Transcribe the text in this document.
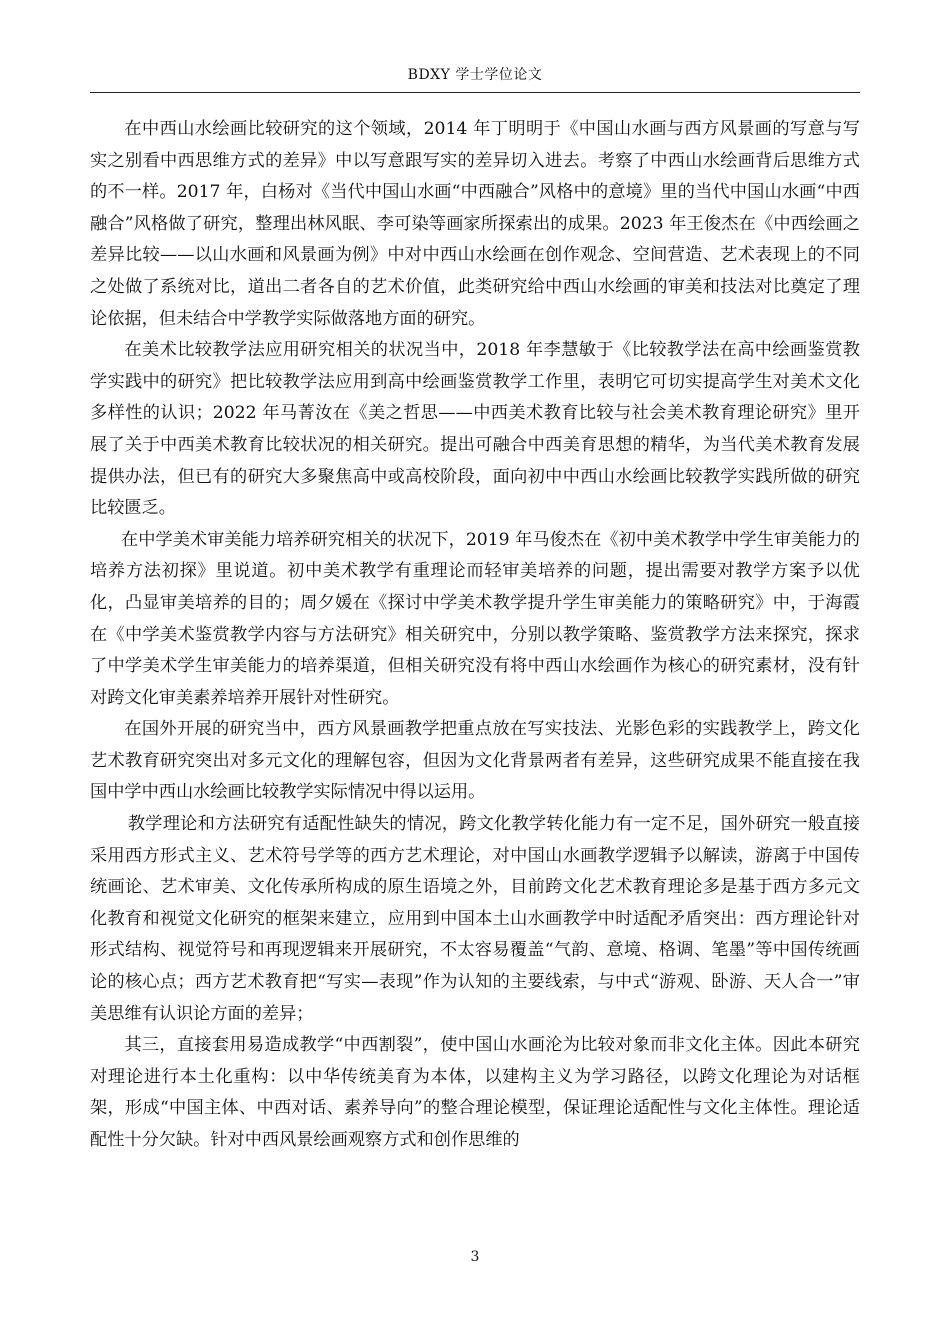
BDXY 学士学位论文

在中西山水绘画比较研究的这个领域，2014 年丁明明于《中国山水画与西方风景画的写意与写实之别看中西思维方式的差异》中以写意跟写实的差异切入进去。考察了中西山水绘画背后思维方式的不一样。2017 年，白杨对《当代中国山水画“中西融合”风格中的意境》里的当代中国山水画“中西融合”风格做了研究，整理出林风眠、李可染等画家所探索出的成果。2023 年王俊杰在《中西绘画之差异比较——以山水画和风景画为例》中对中西山水绘画在创作观念、空间营造、艺术表现上的不同之处做了系统对比，道出二者各自的艺术价值，此类研究给中西山水绘画的审美和技法对比奠定了理论依据，但未结合中学教学实际做落地方面的研究。

在美术比较教学法应用研究相关的状况当中，2018 年李慧敏于《比较教学法在高中绘画鉴赏教学实践中的研究》把比较教学法应用到高中绘画鉴赏教学工作里，表明它可切实提高学生对美术文化多样性的认识；2022 年马菁汝在《美之哲思——中西美术教育比较与社会美术教育理论研究》里开展了关于中西美术教育比较状况的相关研究。提出可融合中西美育思想的精华，为当代美术教育发展提供办法，但已有的研究大多聚焦高中或高校阶段，面向初中中西山水绘画比较教学实践所做的研究比较匮乏。

在中学美术审美能力培养研究相关的状况下，2019 年马俊杰在《初中美术教学中学生审美能力的培养方法初探》里说道。初中美术教学有重理论而轻审美培养的问题，提出需要对教学方案予以优化，凸显审美培养的目的；周夕媛在《探讨中学美术教学提升学生审美能力的策略研究》中，于海霞在《中学美术鉴赏教学内容与方法研究》相关研究中，分别以教学策略、鉴赏教学方法来探究，探求了中学美术学生审美能力的培养渠道，但相关研究没有将中西山水绘画作为核心的研究素材，没有针对跨文化审美素养培养开展针对性研究。

在国外开展的研究当中，西方风景画教学把重点放在写实技法、光影色彩的实践教学上，跨文化艺术教育研究突出对多元文化的理解包容，但因为文化背景两者有差异，这些研究成果不能直接在我国中学中西山水绘画比较教学实际情况中得以运用。

教学理论和方法研究有适配性缺失的情况，跨文化教学转化能力有一定不足，国外研究一般直接采用西方形式主义、艺术符号学等的西方艺术理论，对中国山水画教学逻辑予以解读，游离于中国传统画论、艺术审美、文化传承所构成的原生语境之外，目前跨文化艺术教育理论多是基于西方多元文化教育和视觉文化研究的框架来建立，应用到中国本土山水画教学中时适配矛盾突出：西方理论针对形式结构、视觉符号和再现逻辑来开展研究，不太容易覆盖“气韵、意境、格调、笔墨”等中国传统画论的核心点；西方艺术教育把“写实—表现”作为认知的主要线索，与中式“游观、卧游、天人合一”审美思维有认识论方面的差异；

其三，直接套用易造成教学“中西割裂”，使中国山水画沦为比较对象而非文化主体。因此本研究对理论进行本土化重构：以中华传统美育为本体，以建构主义为学习路径，以跨文化理论为对话框架，形成“中国主体、中西对话、素养导向”的整合理论模型，保证理论适配性与文化主体性。理论适配性十分欠缺。针对中西风景绘画观察方式和创作思维的

3
